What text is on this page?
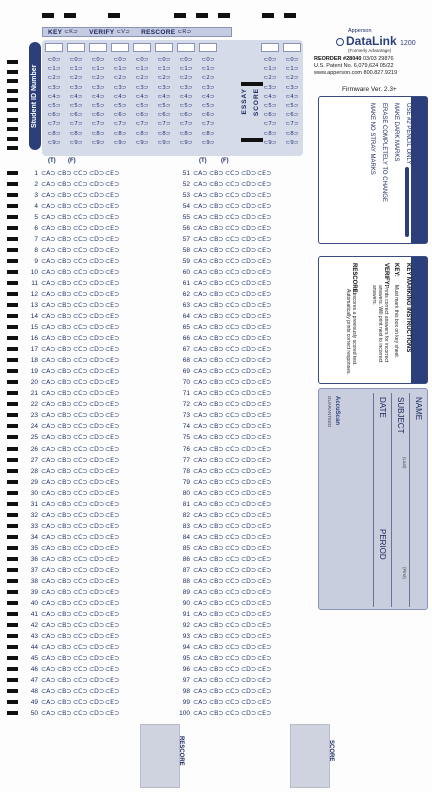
KEY ⊂K⊃ VERIFY ⊂V⊃ RESCORE ⊂R⊃
Student ID Number
⊂0⊃
⊂1⊃
⊂2⊃
⊂3⊃
⊂4⊃
⊂5⊃
⊂6⊃
⊂7⊃
⊂8⊃
⊂9⊃
⊂0⊃
⊂1⊃
⊂2⊃
⊂3⊃
⊂4⊃
⊂5⊃
⊂6⊃
⊂7⊃
⊂8⊃
⊂9⊃
⊂0⊃
⊂1⊃
⊂2⊃
⊂3⊃
⊂4⊃
⊂5⊃
⊂6⊃
⊂7⊃
⊂8⊃
⊂9⊃
⊂0⊃
⊂1⊃
⊂2⊃
⊂3⊃
⊂4⊃
⊂5⊃
⊂6⊃
⊂7⊃
⊂8⊃
⊂9⊃
⊂0⊃
⊂1⊃
⊂2⊃
⊂3⊃
⊂4⊃
⊂5⊃
⊂6⊃
⊂7⊃
⊂8⊃
⊂9⊃
⊂0⊃
⊂1⊃
⊂2⊃
⊂3⊃
⊂4⊃
⊂5⊃
⊂6⊃
⊂7⊃
⊂8⊃
⊂9⊃
⊂0⊃
⊂1⊃
⊂2⊃
⊂3⊃
⊂4⊃
⊂5⊃
⊂6⊃
⊂7⊃
⊂8⊃
⊂9⊃
⊂0⊃
⊂1⊃
⊂2⊃
⊂3⊃
⊂4⊃
⊂5⊃
⊂6⊃
⊂7⊃
⊂8⊃
⊂9⊃
⊂0⊃
⊂1⊃
⊂2⊃
⊂3⊃
⊂4⊃
⊂5⊃
⊂6⊃
⊂7⊃
⊂8⊃
⊂9⊃
⊂0⊃
⊂1⊃
⊂2⊃
⊂3⊃
⊂4⊃
⊂5⊃
⊂6⊃
⊂7⊃
⊂8⊃
⊂9⊃
ESSAY SCORE
(T) (F)	(T) (F)
1 ⊂A⊃ ⊂B⊃ ⊂C⊃ ⊂D⊃ ⊂E⊃
2 ⊂A⊃ ⊂B⊃ ⊂C⊃ ⊂D⊃ ⊂E⊃
3 ⊂A⊃ ⊂B⊃ ⊂C⊃ ⊂D⊃ ⊂E⊃
4 ⊂A⊃ ⊂B⊃ ⊂C⊃ ⊂D⊃ ⊂E⊃
5 ⊂A⊃ ⊂B⊃ ⊂C⊃ ⊂D⊃ ⊂E⊃
6 ⊂A⊃ ⊂B⊃ ⊂C⊃ ⊂D⊃ ⊂E⊃
7 ⊂A⊃ ⊂B⊃ ⊂C⊃ ⊂D⊃ ⊂E⊃
8 ⊂A⊃ ⊂B⊃ ⊂C⊃ ⊂D⊃ ⊂E⊃
9 ⊂A⊃ ⊂B⊃ ⊂C⊃ ⊂D⊃ ⊂E⊃
10 ⊂A⊃ ⊂B⊃ ⊂C⊃ ⊂D⊃ ⊂E⊃
11 ⊂A⊃ ⊂B⊃ ⊂C⊃ ⊂D⊃ ⊂E⊃
12 ⊂A⊃ ⊂B⊃ ⊂C⊃ ⊂D⊃ ⊂E⊃
13 ⊂A⊃ ⊂B⊃ ⊂C⊃ ⊂D⊃ ⊂E⊃
14 ⊂A⊃ ⊂B⊃ ⊂C⊃ ⊂D⊃ ⊂E⊃
15 ⊂A⊃ ⊂B⊃ ⊂C⊃ ⊂D⊃ ⊂E⊃
16 ⊂A⊃ ⊂B⊃ ⊂C⊃ ⊂D⊃ ⊂E⊃
17 ⊂A⊃ ⊂B⊃ ⊂C⊃ ⊂D⊃ ⊂E⊃
18 ⊂A⊃ ⊂B⊃ ⊂C⊃ ⊂D⊃ ⊂E⊃
19 ⊂A⊃ ⊂B⊃ ⊂C⊃ ⊂D⊃ ⊂E⊃
20 ⊂A⊃ ⊂B⊃ ⊂C⊃ ⊂D⊃ ⊂E⊃
21 ⊂A⊃ ⊂B⊃ ⊂C⊃ ⊂D⊃ ⊂E⊃
22 ⊂A⊃ ⊂B⊃ ⊂C⊃ ⊂D⊃ ⊂E⊃
23 ⊂A⊃ ⊂B⊃ ⊂C⊃ ⊂D⊃ ⊂E⊃
24 ⊂A⊃ ⊂B⊃ ⊂C⊃ ⊂D⊃ ⊂E⊃
25 ⊂A⊃ ⊂B⊃ ⊂C⊃ ⊂D⊃ ⊂E⊃
26 ⊂A⊃ ⊂B⊃ ⊂C⊃ ⊂D⊃ ⊂E⊃
27 ⊂A⊃ ⊂B⊃ ⊂C⊃ ⊂D⊃ ⊂E⊃
28 ⊂A⊃ ⊂B⊃ ⊂C⊃ ⊂D⊃ ⊂E⊃
29 ⊂A⊃ ⊂B⊃ ⊂C⊃ ⊂D⊃ ⊂E⊃
30 ⊂A⊃ ⊂B⊃ ⊂C⊃ ⊂D⊃ ⊂E⊃
31 ⊂A⊃ ⊂B⊃ ⊂C⊃ ⊂D⊃ ⊂E⊃
32 ⊂A⊃ ⊂B⊃ ⊂C⊃ ⊂D⊃ ⊂E⊃
33 ⊂A⊃ ⊂B⊃ ⊂C⊃ ⊂D⊃ ⊂E⊃
34 ⊂A⊃ ⊂B⊃ ⊂C⊃ ⊂D⊃ ⊂E⊃
35 ⊂A⊃ ⊂B⊃ ⊂C⊃ ⊂D⊃ ⊂E⊃
36 ⊂A⊃ ⊂B⊃ ⊂C⊃ ⊂D⊃ ⊂E⊃
37 ⊂A⊃ ⊂B⊃ ⊂C⊃ ⊂D⊃ ⊂E⊃
38 ⊂A⊃ ⊂B⊃ ⊂C⊃ ⊂D⊃ ⊂E⊃
39 ⊂A⊃ ⊂B⊃ ⊂C⊃ ⊂D⊃ ⊂E⊃
40 ⊂A⊃ ⊂B⊃ ⊂C⊃ ⊂D⊃ ⊂E⊃
41 ⊂A⊃ ⊂B⊃ ⊂C⊃ ⊂D⊃ ⊂E⊃
42 ⊂A⊃ ⊂B⊃ ⊂C⊃ ⊂D⊃ ⊂E⊃
43 ⊂A⊃ ⊂B⊃ ⊂C⊃ ⊂D⊃ ⊂E⊃
44 ⊂A⊃ ⊂B⊃ ⊂C⊃ ⊂D⊃ ⊂E⊃
45 ⊂A⊃ ⊂B⊃ ⊂C⊃ ⊂D⊃ ⊂E⊃
46 ⊂A⊃ ⊂B⊃ ⊂C⊃ ⊂D⊃ ⊂E⊃
47 ⊂A⊃ ⊂B⊃ ⊂C⊃ ⊂D⊃ ⊂E⊃
48 ⊂A⊃ ⊂B⊃ ⊂C⊃ ⊂D⊃ ⊂E⊃
49 ⊂A⊃ ⊂B⊃ ⊂C⊃ ⊂D⊃ ⊂E⊃
50 ⊂A⊃ ⊂B⊃ ⊂C⊃ ⊂D⊃ ⊂E⊃
51 ⊂A⊃ ⊂B⊃ ⊂C⊃ ⊂D⊃ ⊂E⊃
52 ⊂A⊃ ⊂B⊃ ⊂C⊃ ⊂D⊃ ⊂E⊃
53 ⊂A⊃ ⊂B⊃ ⊂C⊃ ⊂D⊃ ⊂E⊃
54 ⊂A⊃ ⊂B⊃ ⊂C⊃ ⊂D⊃ ⊂E⊃
55 ⊂A⊃ ⊂B⊃ ⊂C⊃ ⊂D⊃ ⊂E⊃
56 ⊂A⊃ ⊂B⊃ ⊂C⊃ ⊂D⊃ ⊂E⊃
57 ⊂A⊃ ⊂B⊃ ⊂C⊃ ⊂D⊃ ⊂E⊃
58 ⊂A⊃ ⊂B⊃ ⊂C⊃ ⊂D⊃ ⊂E⊃
59 ⊂A⊃ ⊂B⊃ ⊂C⊃ ⊂D⊃ ⊂E⊃
60 ⊂A⊃ ⊂B⊃ ⊂C⊃ ⊂D⊃ ⊂E⊃
61 ⊂A⊃ ⊂B⊃ ⊂C⊃ ⊂D⊃ ⊂E⊃
62 ⊂A⊃ ⊂B⊃ ⊂C⊃ ⊂D⊃ ⊂E⊃
63 ⊂A⊃ ⊂B⊃ ⊂C⊃ ⊂D⊃ ⊂E⊃
64 ⊂A⊃ ⊂B⊃ ⊂C⊃ ⊂D⊃ ⊂E⊃
65 ⊂A⊃ ⊂B⊃ ⊂C⊃ ⊂D⊃ ⊂E⊃
66 ⊂A⊃ ⊂B⊃ ⊂C⊃ ⊂D⊃ ⊂E⊃
67 ⊂A⊃ ⊂B⊃ ⊂C⊃ ⊂D⊃ ⊂E⊃
68 ⊂A⊃ ⊂B⊃ ⊂C⊃ ⊂D⊃ ⊂E⊃
69 ⊂A⊃ ⊂B⊃ ⊂C⊃ ⊂D⊃ ⊂E⊃
70 ⊂A⊃ ⊂B⊃ ⊂C⊃ ⊂D⊃ ⊂E⊃
71 ⊂A⊃ ⊂B⊃ ⊂C⊃ ⊂D⊃ ⊂E⊃
72 ⊂A⊃ ⊂B⊃ ⊂C⊃ ⊂D⊃ ⊂E⊃
73 ⊂A⊃ ⊂B⊃ ⊂C⊃ ⊂D⊃ ⊂E⊃
74 ⊂A⊃ ⊂B⊃ ⊂C⊃ ⊂D⊃ ⊂E⊃
75 ⊂A⊃ ⊂B⊃ ⊂C⊃ ⊂D⊃ ⊂E⊃
76 ⊂A⊃ ⊂B⊃ ⊂C⊃ ⊂D⊃ ⊂E⊃
77 ⊂A⊃ ⊂B⊃ ⊂C⊃ ⊂D⊃ ⊂E⊃
78 ⊂A⊃ ⊂B⊃ ⊂C⊃ ⊂D⊃ ⊂E⊃
79 ⊂A⊃ ⊂B⊃ ⊂C⊃ ⊂D⊃ ⊂E⊃
80 ⊂A⊃ ⊂B⊃ ⊂C⊃ ⊂D⊃ ⊂E⊃
81 ⊂A⊃ ⊂B⊃ ⊂C⊃ ⊂D⊃ ⊂E⊃
82 ⊂A⊃ ⊂B⊃ ⊂C⊃ ⊂D⊃ ⊂E⊃
83 ⊂A⊃ ⊂B⊃ ⊂C⊃ ⊂D⊃ ⊂E⊃
84 ⊂A⊃ ⊂B⊃ ⊂C⊃ ⊂D⊃ ⊂E⊃
85 ⊂A⊃ ⊂B⊃ ⊂C⊃ ⊂D⊃ ⊂E⊃
86 ⊂A⊃ ⊂B⊃ ⊂C⊃ ⊂D⊃ ⊂E⊃
87 ⊂A⊃ ⊂B⊃ ⊂C⊃ ⊂D⊃ ⊂E⊃
88 ⊂A⊃ ⊂B⊃ ⊂C⊃ ⊂D⊃ ⊂E⊃
89 ⊂A⊃ ⊂B⊃ ⊂C⊃ ⊂D⊃ ⊂E⊃
90 ⊂A⊃ ⊂B⊃ ⊂C⊃ ⊂D⊃ ⊂E⊃
91 ⊂A⊃ ⊂B⊃ ⊂C⊃ ⊂D⊃ ⊂E⊃
92 ⊂A⊃ ⊂B⊃ ⊂C⊃ ⊂D⊃ ⊂E⊃
93 ⊂A⊃ ⊂B⊃ ⊂C⊃ ⊂D⊃ ⊂E⊃
94 ⊂A⊃ ⊂B⊃ ⊂C⊃ ⊂D⊃ ⊂E⊃
95 ⊂A⊃ ⊂B⊃ ⊂C⊃ ⊂D⊃ ⊂E⊃
96 ⊂A⊃ ⊂B⊃ ⊂C⊃ ⊂D⊃ ⊂E⊃
97 ⊂A⊃ ⊂B⊃ ⊂C⊃ ⊂D⊃ ⊂E⊃
98 ⊂A⊃ ⊂B⊃ ⊂C⊃ ⊂D⊃ ⊂E⊃
99 ⊂A⊃ ⊂B⊃ ⊂C⊃ ⊂D⊃ ⊂E⊃
100 ⊂A⊃ ⊂B⊃ ⊂C⊃ ⊂D⊃ ⊂E⊃
RESCORE	SCORE
Apperson
DataLink 1200
(Formerly Advantage)
REORDER #28040 03/03 29876
U.S. Patent No. 6,079,624 05/22
www.apperson.com 800.827.9219
Firmware Ver. 2.3+
STUDENTS
USE #2 PENCIL ONLY
MAKE DARK MARKS
ERASE COMPLETELY TO CHANGE
MAKE NO STRAY MARKS
INSTRUCTORS	KEY MARKING INSTRUCTIONS
KEY:
Must mark this box on key sheet.
VERIFY:
Prints correct answers for incorrect answers. Will print next to incorrect answers.
RESCORE:
Rescores a previously scored test. Automatically prints correct responses.
NAME
(Last)
(First)
SUBJECT
DATE
PERIOD
AccuScan
GUARANTEED
